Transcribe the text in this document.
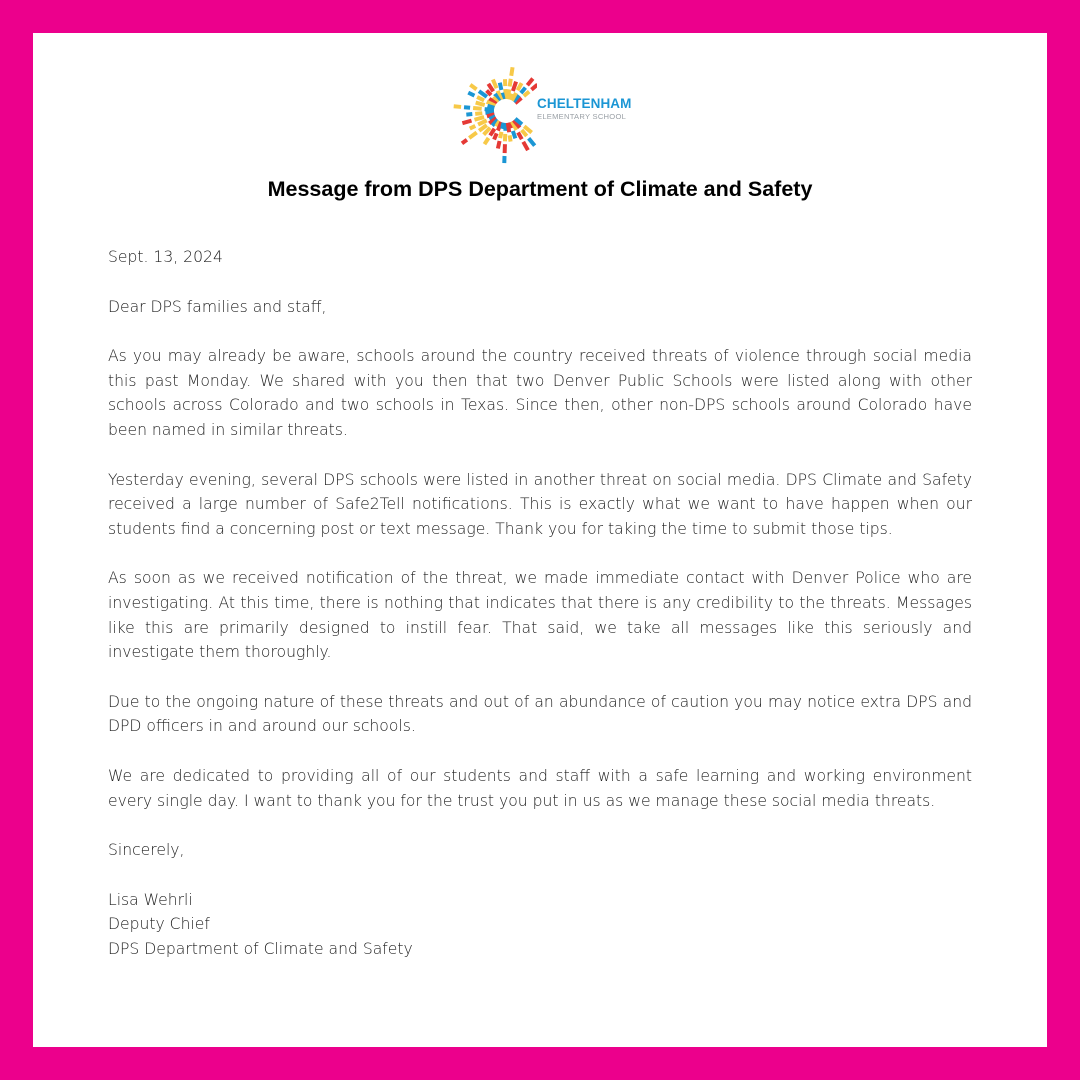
CHELTENHAM
ELEMENTARY SCHOOL
Message from DPS Department of Climate and Safety

Sept. 13, 2024

Dear DPS families and staff,

As you may already be aware, schools around the country received threats of violence through social media this past Monday. We shared with you then that two Denver Public Schools were listed along with other schools across Colorado and two schools in Texas. Since then, other non-DPS schools around Colorado have been named in similar threats.

Yesterday evening, several DPS schools were listed in another threat on social media. DPS Climate and Safety received a large number of Safe2Tell notifications. This is exactly what we want to have happen when our students find a concerning post or text message. Thank you for taking the time to submit those tips.

As soon as we received notification of the threat, we made immediate contact with Denver Police who are investigating. At this time, there is nothing that indicates that there is any credibility to the threats. Messages like this are primarily designed to instill fear. That said, we take all messages like this seriously and investigate them thoroughly.

Due to the ongoing nature of these threats and out of an abundance of caution you may notice extra DPS and DPD officers in and around our schools.

We are dedicated to providing all of our students and staff with a safe learning and working environment every single day. I want to thank you for the trust you put in us as we manage these social media threats.

Sincerely,

Lisa Wehrli

Deputy Chief

DPS Department of Climate and Safety
